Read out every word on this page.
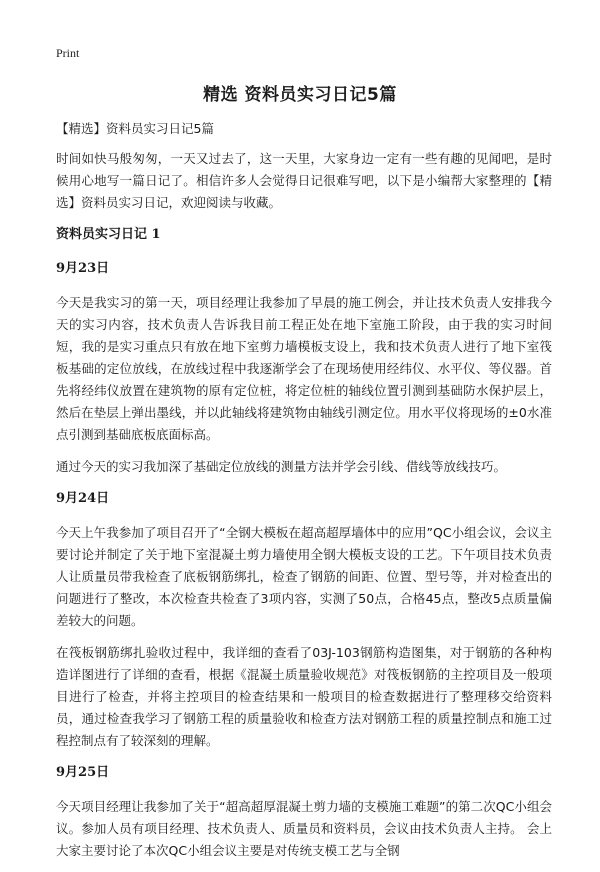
Print
精选 资料员实习日记5篇

【精选】资料员实习日记5篇

时间如快马般匆匆，一天又过去了，这一天里，大家身边一定有一些有趣的见闻吧，是时候用心地写一篇日记了。相信许多人会觉得日记很难写吧，以下是小编帮大家整理的【精选】资料员实习日记，欢迎阅读与收藏。

资料员实习日记 1
9月23日

今天是我实习的第一天，项目经理让我参加了早晨的施工例会，并让技术负责人安排我今天的实习内容，技术负责人告诉我目前工程正处在地下室施工阶段，由于我的实习时间短，我的是实习重点只有放在地下室剪力墙模板支设上，我和技术负责人进行了地下室筏板基础的定位放线，在放线过程中我逐渐学会了在现场使用经纬仪、水平仪、等仪器。首先将经纬仪放置在建筑物的原有定位桩，将定位桩的轴线位置引测到基础防水保护层上，然后在垫层上弹出墨线，并以此轴线将建筑物由轴线引测定位。用水平仪将现场的±0水准点引测到基础底板底面标高。

通过今天的实习我加深了基础定位放线的测量方法并学会引线、借线等放线技巧。

9月24日

今天上午我参加了项目召开了“全钢大模板在超高超厚墙体中的应用”QC小组会议，会议主要讨论并制定了关于地下室混凝土剪力墙使用全钢大模板支设的工艺。下午项目技术负责人让质量员带我检查了底板钢筋绑扎，检查了钢筋的间距、位置、型号等，并对检查出的问题进行了整改，本次检查共检查了3项内容，实测了50点，合格45点，整改5点质量偏差较大的问题。

在筏板钢筋绑扎验收过程中，我详细的查看了03J-103钢筋构造图集，对于钢筋的各种构造详图进行了详细的查看，根据《混凝土质量验收规范》对筏板钢筋的主控项目及一般项目进行了检查，并将主控项目的检查结果和一般项目的检查数据进行了整理移交给资料员，通过检查我学习了钢筋工程的质量验收和检查方法对钢筋工程的质量控制点和施工过程控制点有了较深刻的理解。

9月25日

今天项目经理让我参加了关于“超高超厚混凝土剪力墙的支模施工难题”的第二次QC小组会议。参加人员有项目经理、技术负责人、质量员和资料员，会议由技术负责人主持。 会上大家主要讨论了本次QC小组会议主要是对传统支模工艺与全钢
